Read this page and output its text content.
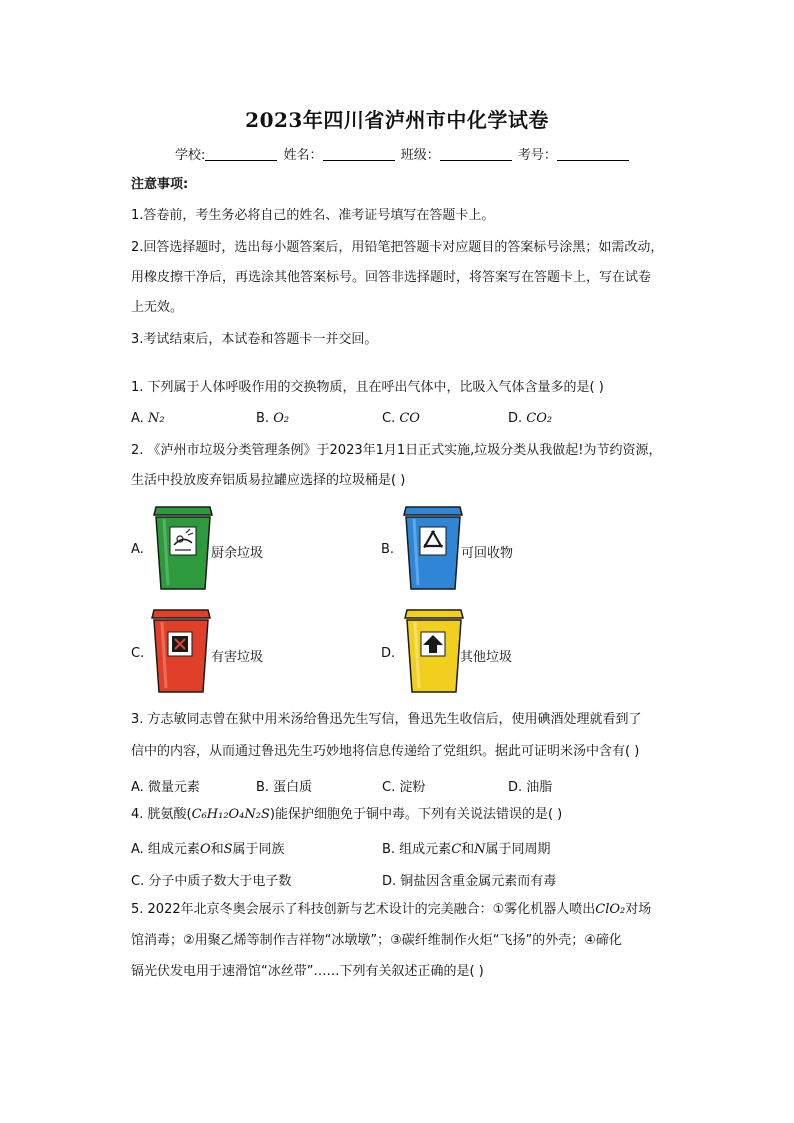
2023年四川省泸州市中化学试卷
学校:	姓名：	班级：	考号：
注意事项:
1.答卷前，考生务必将自己的姓名、准考证号填写在答题卡上。
2.回答选择题时，选出每小题答案后，用铅笔把答题卡对应题目的答案标号涂黑；如需改动，
用橡皮擦干净后，再选涂其他答案标号。回答非选择题时，将答案写在答题卡上，写在试卷
上无效。
3.考试结束后，本试卷和答题卡一并交回。
1. 下列属于人体呼吸作用的交换物质，且在呼出气体中，比吸入气体含量多的是( )
A. N₂	B. O₂	C. CO	D. CO₂
2. 《泸州市垃圾分类管理条例》于2023年1月1日正式实施,垃圾分类从我做起!为节约资源，
生活中投放废弃铝质易拉罐应选择的垃圾桶是( )
A.	厨余垃圾	B.	可回收物
C.	有害垃圾	D.	其他垃圾
3. 方志敏同志曾在狱中用米汤给鲁迅先生写信，鲁迅先生收信后，使用碘酒处理就看到了
信中的内容，从而通过鲁迅先生巧妙地将信息传递给了党组织。据此可证明米汤中含有( )
A. 微量元素	B. 蛋白质	C. 淀粉	D. 油脂
4. 胱氨酸(C₆H₁₂O₄N₂S)能保护细胞免于铜中毒。下列有关说法错误的是( )
A. 组成元素O和S属于同族	B. 组成元素C和N属于同周期
C. 分子中质子数大于电子数	D. 铜盐因含重金属元素而有毒
5. 2022年北京冬奥会展示了科技创新与艺术设计的完美融合：①雾化机器人喷出ClO₂对场
馆消毒；②用聚乙烯等制作吉祥物“冰墩墩”；③碳纤维制作火炬“飞扬”的外壳；④碲化
镉光伏发电用于速滑馆“冰丝带”……下列有关叙述正确的是( )
